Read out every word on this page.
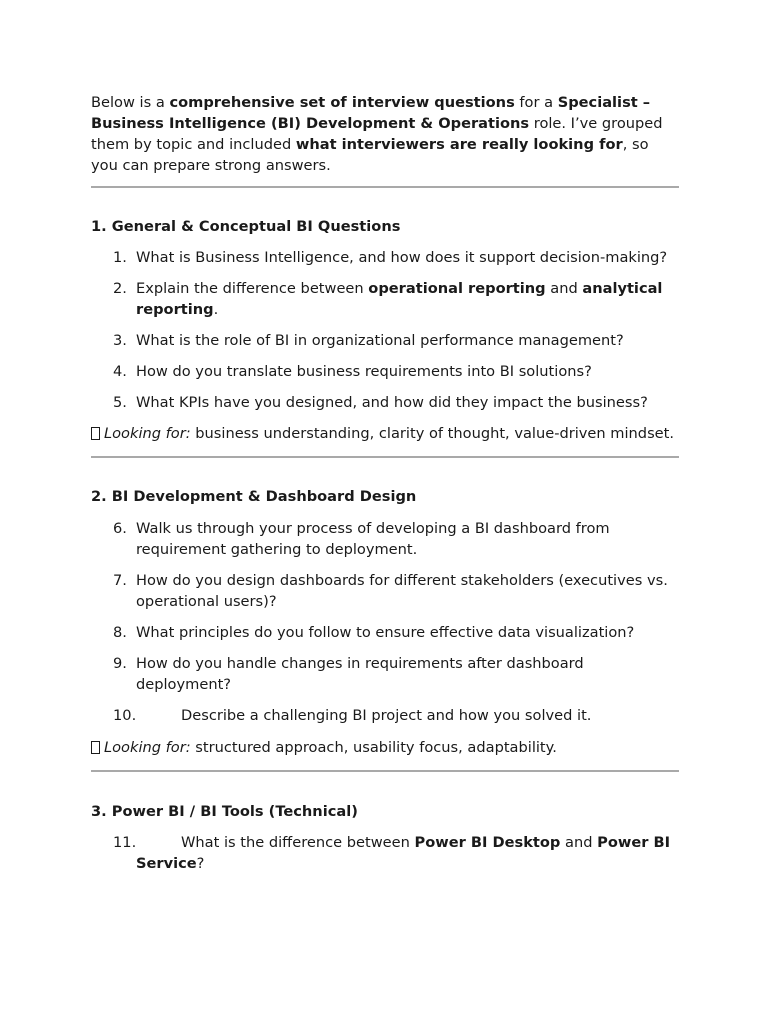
Below is a comprehensive set of interview questions for a Specialist – Business Intelligence (BI) Development & Operations role. I’ve grouped them by topic and included what interviewers are really looking for, so you can prepare strong answers.

1. General & Conceptual BI Questions

1. What is Business Intelligence, and how does it support decision-making?
2. Explain the difference between operational reporting and analytical reporting.
3. What is the role of BI in organizational performance management?
4. How do you translate business requirements into BI solutions?
5. What KPIs have you designed, and how did they impact the business?

Looking for: business understanding, clarity of thought, value-driven mindset.

2. BI Development & Dashboard Design

6. Walk us through your process of developing a BI dashboard from requirement gathering to deployment.
7. How do you design dashboards for different stakeholders (executives vs. operational users)?
8. What principles do you follow to ensure effective data visualization?
9. How do you handle changes in requirements after dashboard deployment?
10.	Describe a challenging BI project and how you solved it.

Looking for: structured approach, usability focus, adaptability.

3. Power BI / BI Tools (Technical)

11.	What is the difference between Power BI Desktop and Power BI Service?
